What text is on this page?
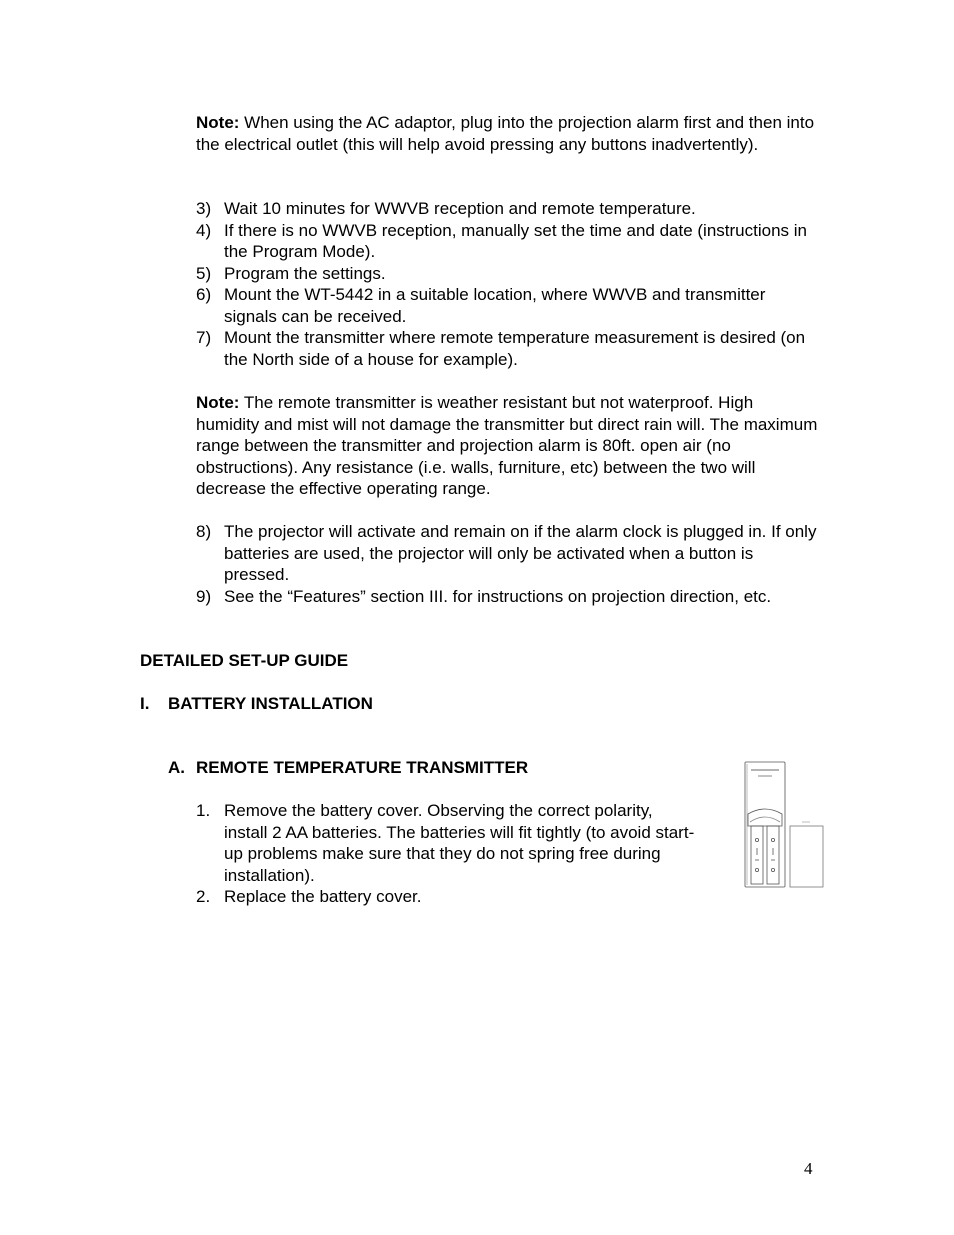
Note: When using the AC adaptor, plug into the projection alarm first and then into the electrical outlet (this will help avoid pressing any buttons inadvertently).

3) Wait 10 minutes for WWVB reception and remote temperature.
4) If there is no WWVB reception, manually set the time and date (instructions in the Program Mode).
5) Program the settings.
6) Mount the WT-5442 in a suitable location, where WWVB and transmitter signals can be received.
7) Mount the transmitter where remote temperature measurement is desired (on the North side of a house for example).

Note: The remote transmitter is weather resistant but not waterproof. High humidity and mist will not damage the transmitter but direct rain will. The maximum range between the transmitter and projection alarm is 80ft. open air (no obstructions). Any resistance (i.e. walls, furniture, etc) between the two will decrease the effective operating range.

8) The projector will activate and remain on if the alarm clock is plugged in. If only batteries are used, the projector will only be activated when a button is pressed.
9) See the “Features” section III. for instructions on projection direction, etc.

DETAILED SET-UP GUIDE

I. BATTERY INSTALLATION

A. REMOTE TEMPERATURE TRANSMITTER

1. Remove the battery cover. Observing the correct polarity, install 2 AA batteries. The batteries will fit tightly (to avoid start-up problems make sure that they do not spring free during installation).
2. Replace the battery cover.
4
